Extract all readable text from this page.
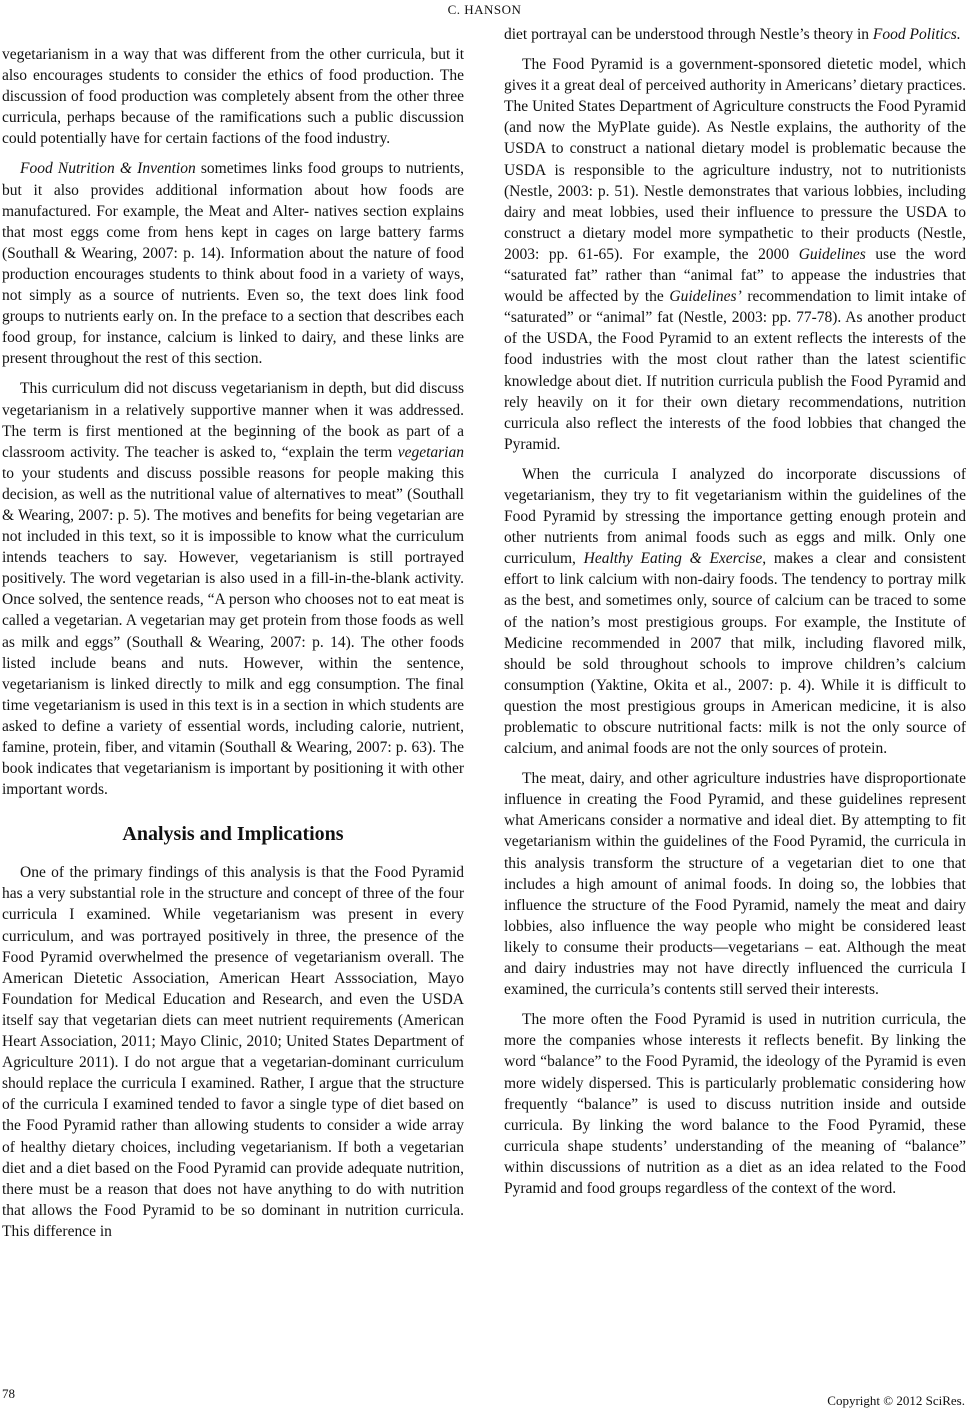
C. HANSON

vegetarianism in a way that was different from the other curricula, but it also encourages students to consider the ethics of food production. The discussion of food production was completely absent from the other three curricula, perhaps because of the ramifications such a public discussion could potentially have for certain factions of the food industry.

Food Nutrition & Invention sometimes links food groups to nutrients, but it also provides additional information about how foods are manufactured. For example, the Meat and Alter- natives section explains that most eggs come from hens kept in cages on large battery farms (Southall & Wearing, 2007: p. 14). Information about the nature of food production encourages students to think about food in a variety of ways, not simply as a source of nutrients. Even so, the text does link food groups to nutrients early on. In the preface to a section that describes each food group, for instance, calcium is linked to dairy, and these links are present throughout the rest of this section.

This curriculum did not discuss vegetarianism in depth, but did discuss vegetarianism in a relatively supportive manner when it was addressed. The term is first mentioned at the beginning of the book as part of a classroom activity. The teacher is asked to, “explain the term vegetarian to your students and discuss possible reasons for people making this decision, as well as the nutritional value of alternatives to meat” (Southall & Wearing, 2007: p. 5). The motives and benefits for being vegetarian are not included in this text, so it is impossible to know what the curriculum intends teachers to say. However, vegetarianism is still portrayed positively. The word vegetarian is also used in a fill-in-the-blank activity. Once solved, the sentence reads, “A person who chooses not to eat meat is called a vegetarian. A vegetarian may get protein from those foods as well as milk and eggs” (Southall & Wearing, 2007: p. 14). The other foods listed include beans and nuts. However, within the sentence, vegetarianism is linked directly to milk and egg consumption. The final time vegetarianism is used in this text is in a section in which students are asked to define a variety of essential words, including calorie, nutrient, famine, protein, fiber, and vitamin (Southall & Wearing, 2007: p. 63). The book indicates that vegetarianism is important by positioning it with other important words.

Analysis and Implications

One of the primary findings of this analysis is that the Food Pyramid has a very substantial role in the structure and concept of three of the four curricula I examined. While vegetarianism was present in every curriculum, and was portrayed positively in three, the presence of the Food Pyramid overwhelmed the presence of vegetarianism overall. The American Dietetic Association, American Heart Asssociation, Mayo Foundation for Medical Education and Research, and even the USDA itself say that vegetarian diets can meet nutrient requirements (American Heart Association, 2011; Mayo Clinic, 2010; United States Department of Agriculture 2011). I do not argue that a vegetarian-dominant curriculum should replace the curricula I examined. Rather, I argue that the structure of the curricula I examined tended to favor a single type of diet based on the Food Pyramid rather than allowing students to consider a wide array of healthy dietary choices, including vegetarianism. If both a vegetarian diet and a diet based on the Food Pyramid can provide adequate nutrition, there must be a reason that does not have anything to do with nutrition that allows the Food Pyramid to be so dominant in nutrition curricula. This difference in

diet portrayal can be understood through Nestle’s theory in Food Politics.

The Food Pyramid is a government-sponsored dietetic model, which gives it a great deal of perceived authority in Americans’ dietary practices. The United States Department of Agriculture constructs the Food Pyramid (and now the MyPlate guide). As Nestle explains, the authority of the USDA to construct a national dietary model is problematic because the USDA is responsible to the agriculture industry, not to nutritionists (Nestle, 2003: p. 51). Nestle demonstrates that various lobbies, including dairy and meat lobbies, used their influence to pressure the USDA to construct a dietary model more sympathetic to their products (Nestle, 2003: pp. 61-65). For example, the 2000 Guidelines use the word “saturated fat” rather than “animal fat” to appease the industries that would be affected by the Guidelines’ recommendation to limit intake of “saturated” or “animal” fat (Nestle, 2003: pp. 77-78). As another product of the USDA, the Food Pyramid to an extent reflects the interests of the food industries with the most clout rather than the latest scientific knowledge about diet. If nutrition curricula publish the Food Pyramid and rely heavily on it for their own dietary recommendations, nutrition curricula also reflect the interests of the food lobbies that changed the Pyramid.

When the curricula I analyzed do incorporate discussions of vegetarianism, they try to fit vegetarianism within the guidelines of the Food Pyramid by stressing the importance getting enough protein and other nutrients from animal foods such as eggs and milk. Only one curriculum, Healthy Eating & Exercise, makes a clear and consistent effort to link calcium with non-dairy foods. The tendency to portray milk as the best, and sometimes only, source of calcium can be traced to some of the nation’s most prestigious groups. For example, the Institute of Medicine recommended in 2007 that milk, including flavored milk, should be sold throughout schools to improve children’s calcium consumption (Yaktine, Okita et al., 2007: p. 4). While it is difficult to question the most prestigious groups in American medicine, it is also problematic to obscure nutritional facts: milk is not the only source of calcium, and animal foods are not the only sources of protein.

The meat, dairy, and other agriculture industries have disproportionate influence in creating the Food Pyramid, and these guidelines represent what Americans consider a normative and ideal diet. By attempting to fit vegetarianism within the guidelines of the Food Pyramid, the curricula in this analysis transform the structure of a vegetarian diet to one that includes a high amount of animal foods. In doing so, the lobbies that influence the structure of the Food Pyramid, namely the meat and dairy lobbies, also influence the way people who might be considered least likely to consume their products—vegetarians – eat. Although the meat and dairy industries may not have directly influenced the curricula I examined, the curricula’s contents still served their interests.

The more often the Food Pyramid is used in nutrition curricula, the more the companies whose interests it reflects benefit. By linking the word “balance” to the Food Pyramid, the ideology of the Pyramid is even more widely dispersed. This is particularly problematic considering how frequently “balance” is used to discuss nutrition inside and outside curricula. By linking the word balance to the Food Pyramid, these curricula shape students’ understanding of the meaning of “balance” within discussions of nutrition as a diet as an idea related to the Food Pyramid and food groups regardless of the context of the word.

78	Copyright © 2012 SciRes.
